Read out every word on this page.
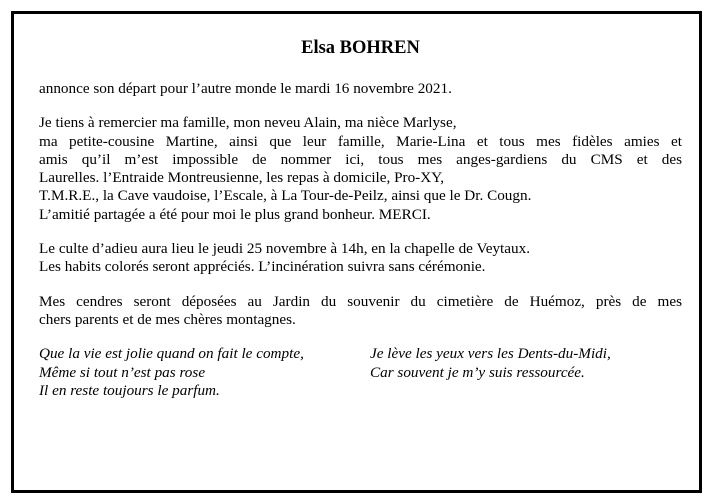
Elsa BOHREN
annonce son départ pour l’autre monde le mardi 16 novembre 2021.
Je tiens à remercier ma famille, mon neveu Alain, ma nièce Marlyse,
ma petite-cousine Martine, ainsi que leur famille, Marie-Lina et tous mes fidèles amies et
amis qu’il m’est impossible de nommer ici, tous mes anges-gardiens du CMS et des
Laurelles. l’Entraide Montreusienne, les repas à domicile, Pro-XY,
T.M.R.E., la Cave vaudoise, l’Escale, à La Tour-de-Peilz, ainsi que le Dr. Cougn.
L’amitié partagée a été pour moi le plus grand bonheur. MERCI.
Le culte d’adieu aura lieu le jeudi 25 novembre à 14h, en la chapelle de Veytaux.
Les habits colorés seront appréciés. L’incinération suivra sans cérémonie.
Mes cendres seront déposées au Jardin du souvenir du cimetière de Huémoz, près de mes
chers parents et de mes chères montagnes.
Que la vie est jolie quand on fait le compte,
Même si tout n’est pas rose
Il en reste toujours le parfum.
Je lève les yeux vers les Dents-du-Midi,
Car souvent je m’y suis ressourcée.
